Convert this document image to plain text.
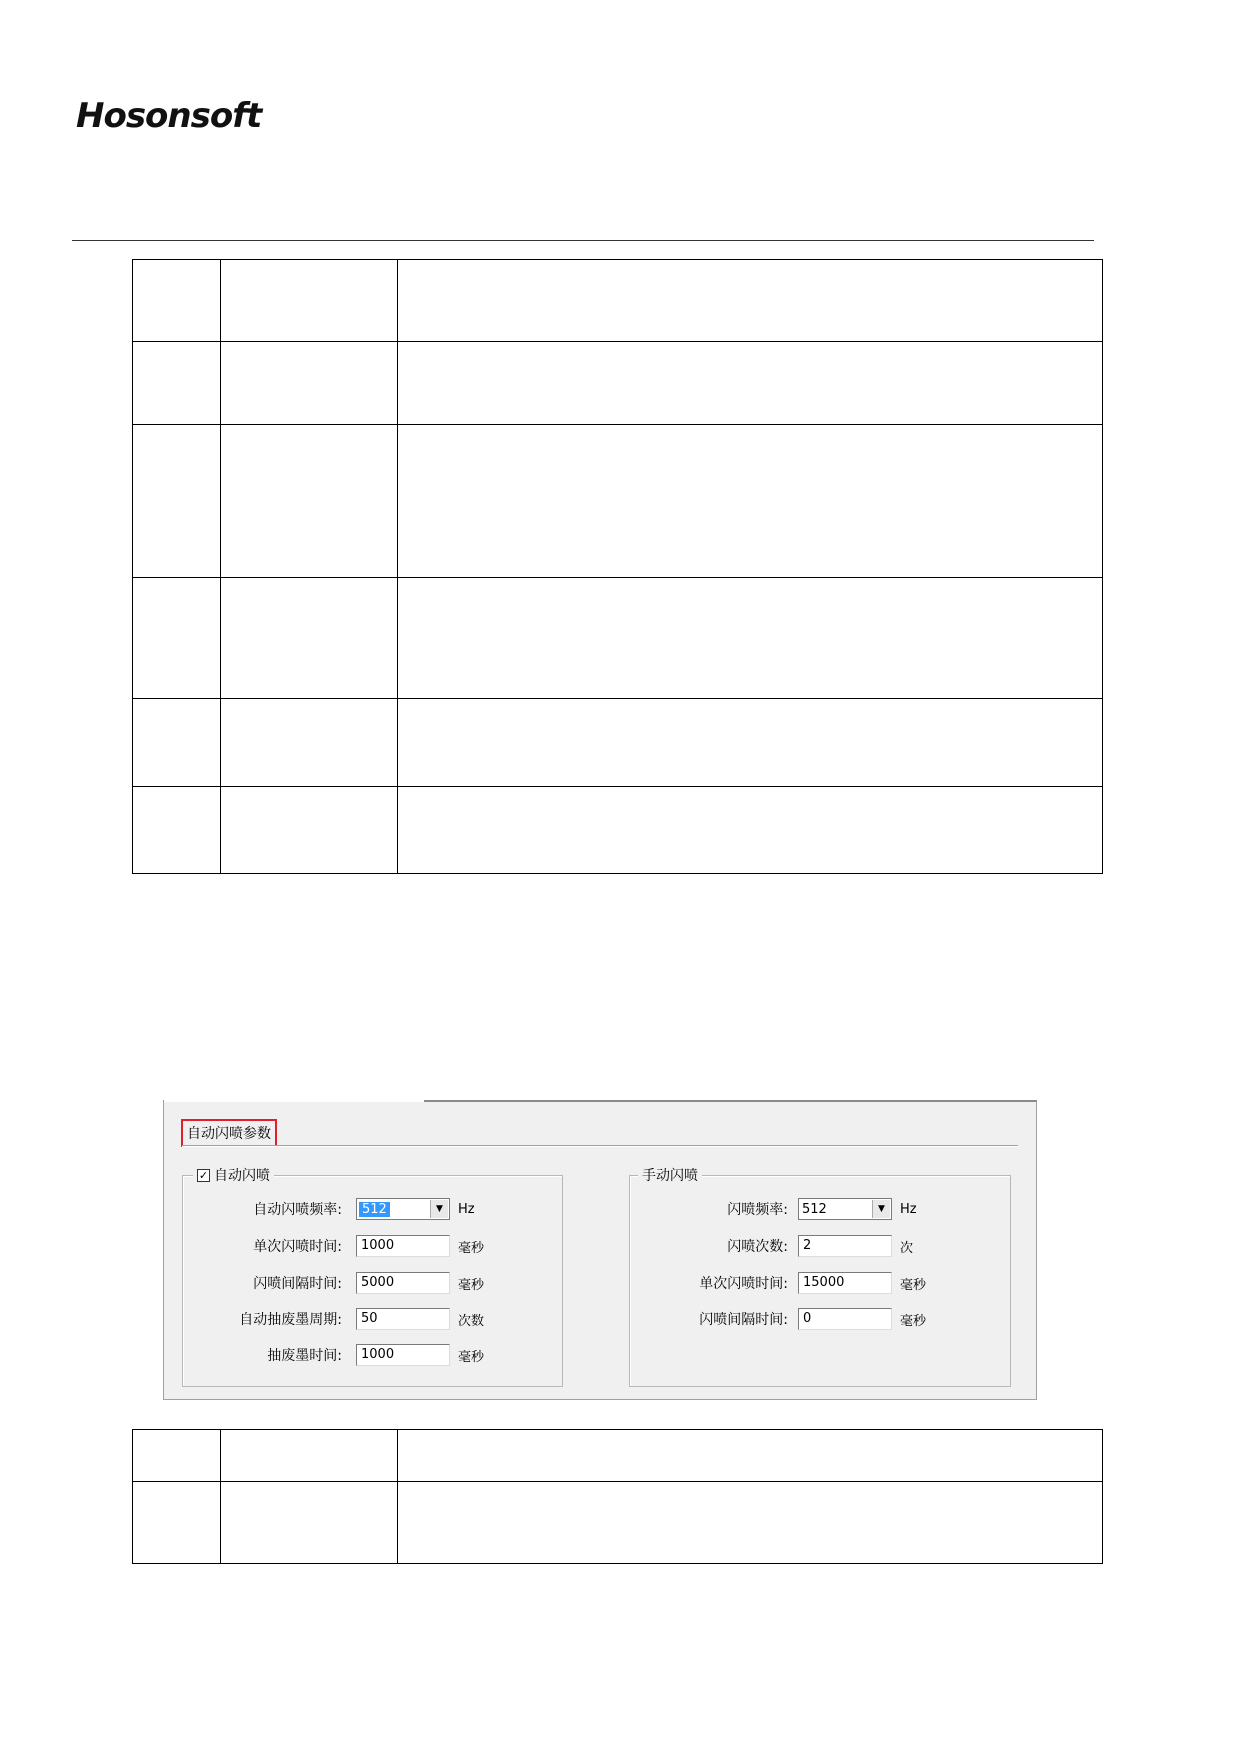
Hosonsoft

自动闪喷参数
✓ 自动闪喷
自动闪喷频率: 512	▼	Hz
单次闪喷时间:	1000	毫秒
闪喷间隔时间:	5000	毫秒
自动抽废墨周期:	50	次数
抽废墨时间:	1000	毫秒
手动闪喷
闪喷频率: 512	▼	Hz
闪喷次数:	2	次
单次闪喷时间:	15000	毫秒
闪喷间隔时间:	0	毫秒
